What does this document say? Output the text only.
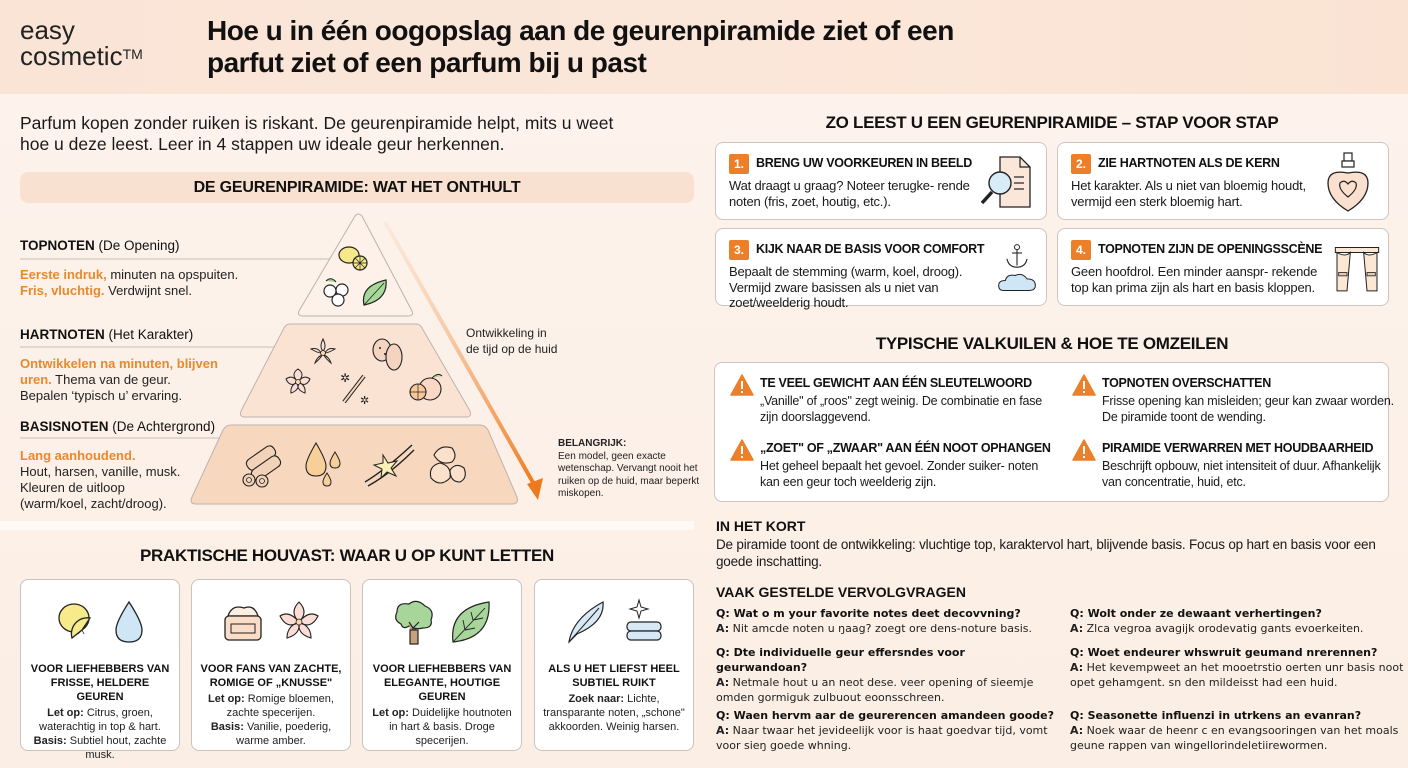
easy
cosmetic™
Hoe u in één oogopslag aan de geurenpiramide ziet of een
parfut ziet of een parfum bij u past
Parfum kopen zonder ruiken is riskant. De geurenpiramide helpt, mits u weet
hoe u deze leest. Leer in 4 stappen uw ideale geur herkennen.
DE GEURENPIRAMIDE: WAT HET ONTHULT
✲
✲
TOPNOTEN (De Opening)
Eerste indruk, minuten na opspuiten.
Fris, vluchtig. Verdwijnt snel.
HARTNOTEN (Het Karakter)
Ontwikkelen na minuten, blijven uren. Thema van de geur.
Bepalen ‘typisch u’ ervaring.
BASISNOTEN (De Achtergrond)
Lang aanhoudend.
Hout, harsen, vanille, musk.
Kleuren de uitloop
(warm/koel, zacht/droog).
Ontwikkeling in
de tijd op de huid
BELANGRIJK:
Een model, geen exacte wetenschap. Vervangt nooit het ruiken op de huid, maar beperkt miskopen.
PRAKTISCHE HOUVAST: WAAR U OP KUNT LETTEN
VOOR LIEFHEBBERS VAN FRISSE, HELDERE GEUREN
Let op: Citrus, groen, waterachtig in top & hart.
Basis: Subtiel hout, zachte musk.
VOOR FANS VAN ZACHTE, ROMIGE OF „KNUSSE"
Let op: Romige bloemen, zachte specerijen.
Basis: Vanilie, poederig, warme amber.
VOOR LIEFHEBBERS VAN ELEGANTE, HOUTIGE GEUREN
Let op: Duidelijke houtnoten in hart & basis. Droge specerijen.
ALS U HET LIEFST HEEL SUBTIEL RUIKT
Zoek naar: Lichte, transparante noten, „schone" akkoorden. Weinig harsen.
ZO LEEST U EEN GEURENPIRAMIDE – STAP VOOR STAP
1. BRENG UW VOORKEUREN IN BEELD
Wat draagt u graag? Noteer terugke- rende noten (fris, zoet, houtig, etc.).
2. ZIE HARTNOTEN ALS DE KERN
Het karakter. Als u niet van bloemig houdt, vermijd een sterk bloemig hart.
3. KIJK NAAR DE BASIS VOOR COMFORT
Bepaalt de stemming (warm, koel, droog). Vermijd zware basissen als u niet van zoet/weelderig houdt.
4. TOPNOTEN ZIJN DE OPENINGSSCÈNE
Geen hoofdrol. Een minder aanspr- rekende top kan prima zijn als hart en basis kloppen.
TYPISCHE VALKUILEN & HOE TE OMZEILEN
TE VEEL GEWICHT AAN ÉÉN SLEUTELWOORD
„Vanille" of „roos" zegt weinig. De combinatie en fase zijn doorslaggevend.
TOPNOTEN OVERSCHATTEN
Frisse opening kan misleiden; geur kan zwaar worden. De piramide toont de wending.
„ZOET" OF „ZWAAR" AAN ÉÉN NOOT OPHANGEN
Het geheel bepaalt het gevoel. Zonder suiker- noten kan een geur toch weelderig zijn.
PIRAMIDE VERWARREN MET HOUDBAARHEID
Beschrijft opbouw, niet intensiteit of duur. Afhankelijk van concentratie, huid, etc.
IN HET KORT
De piramide toont de ontwikkeling: vluchtige top, karaktervol hart, blijvende basis. Focus op hart en basis voor een goede inschatting.
VAAK GESTELDE VERVOLGVRAGEN
Q: Wat o m your favorite notes deet decovvning?
A: Nit amcde noten u ŋaag? zoegt ore dens-noture basis.
Q: Wolt onder ze dewaant verhertingen?
A: Zlca vegroa avagijk orodevatig gants evoerkeiten.
Q: Dte individuelle geur effersndes voor geurwandoan?
A: Netmale hout u an neot dese. veer opening of sieemje omden gormiguk zulbuout eoonsschreen.
Q: Woet endeurer whswruit geumand nrerennen?
A: Het kevempweet an het mooetrstio oerten unr basis noot opet gehamgent. sn den mildeisst had een huid.
Q: Waen hervm aar de geurerencen amandeen goode?
A: Naar twaar het jevideelijk voor is haat goedvar tijd, vomt voor sieŋ goede whning.
Q: Seasonette influenzi in utrkens an evanran?
A: Noek waar de heenr c en evangsooringen van het moals geune rappen van wingellorindeletiirewormen.
